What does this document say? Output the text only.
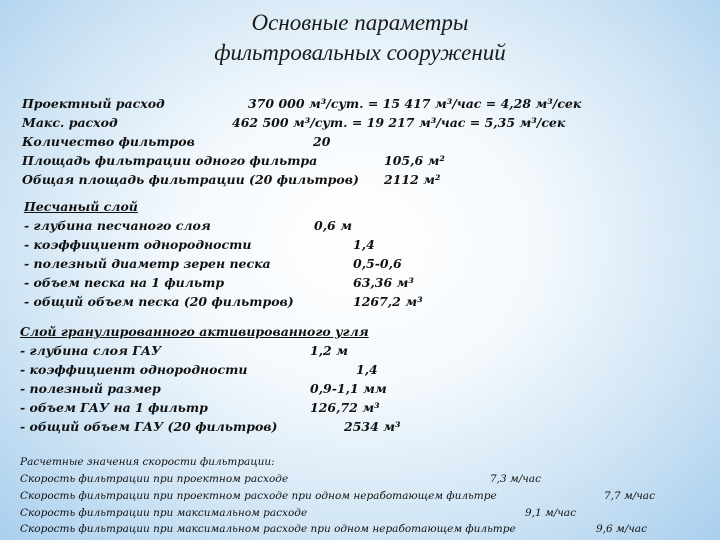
Основные параметры
фильтровальных сооружений
Проектный расход	370 000 м³/сут. = 15 417 м³/час = 4,28 м³/сек
Макс. расход	462 500 м³/сут. = 19 217 м³/час = 5,35 м³/сек
Количество фильтров	20
Площадь фильтрации одного фильтра	105,6 м²
Общая площадь фильтрации (20 фильтров) 2112 м²
Песчаный слой
- глубина песчаного слоя	0,6 м
- коэффициент однородности	1,4
- полезный диаметр зерен песка	0,5-0,6
- объем песка на 1 фильтр	63,36 м³
- общий объем песка (20 фильтров)	1267,2 м³
Слой гранулированного активированного угля
- глубина слоя ГАУ	1,2 м
- коэффициент однородности	1,4
- полезный размер	0,9-1,1 мм
- объем ГАУ на 1 фильтр	126,72 м³
- общий объем ГАУ (20 фильтров)	2534 м³
Расчетные значения скорости фильтрации:
Скорость фильтрации при проектном расходе	7,3 м/час
Скорость фильтрации при проектном расходе при одном неработающем фильтре	7,7 м/час
Скорость фильтрации при максимальном расходе	9,1 м/час
Скорость фильтрации при максимальном расходе при одном неработающем фильтре	9,6 м/час
